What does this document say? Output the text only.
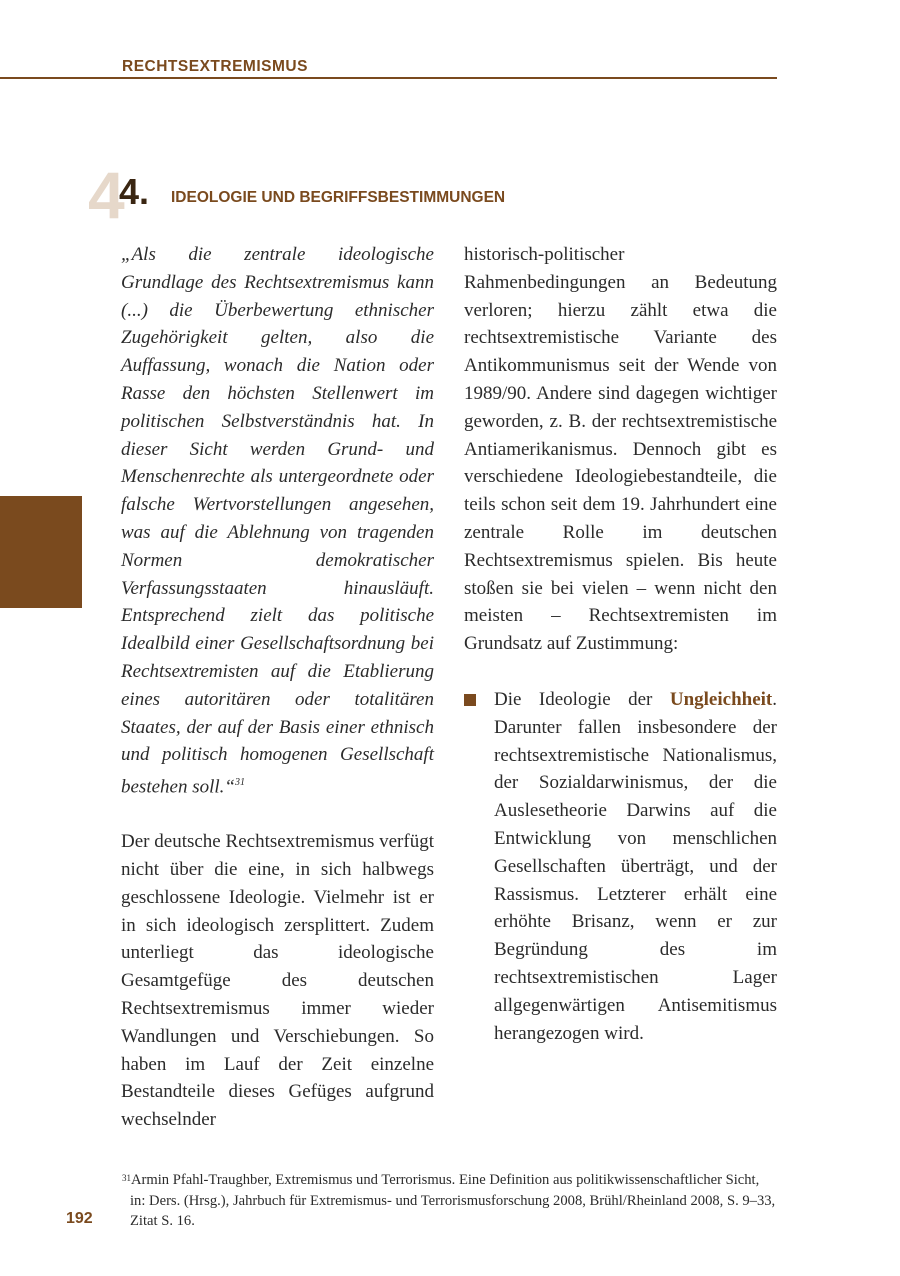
RECHTSEXTREMISMUS
4
4. IDEOLOGIE UND BEGRIFFSBESTIMMUNGEN

„Als die zentrale ideologische Grundlage des Rechtsextremismus kann (...) die Überbewertung ethnischer Zugehörigkeit gelten, also die Auffassung, wonach die Nation oder Rasse den höchsten Stellenwert im politischen Selbstverständnis hat. In dieser Sicht werden Grund- und Menschenrechte als untergeordnete oder falsche Wertvorstellungen angesehen, was auf die Ablehnung von tragenden Normen demokratischer Verfassungsstaaten hinausläuft. Entsprechend zielt das politische Idealbild einer Gesellschaftsordnung bei Rechtsextremisten auf die Etablierung eines autoritären oder totalitären Staates, der auf der Basis einer ethnisch und politisch homogenen Gesellschaft bestehen soll.“$^{31}$

Der deutsche Rechtsextremismus verfügt nicht über die eine, in sich halbwegs geschlossene Ideologie. Vielmehr ist er in sich ideologisch zersplittert. Zudem unterliegt das ideologische Gesamtgefüge des deutschen Rechtsextremismus immer wieder Wandlungen und Verschiebungen. So haben im Lauf der Zeit einzelne Bestandteile dieses Gefüges aufgrund wechselnder

historisch-politischer Rahmenbedingungen an Bedeutung verloren; hierzu zählt etwa die rechtsextremistische Variante des Antikommunismus seit der Wende von 1989/90. Andere sind dagegen wichtiger geworden, z. B. der rechtsextremistische Antiamerikanismus. Dennoch gibt es verschiedene Ideologiebestandteile, die teils schon seit dem 19. Jahrhundert eine zentrale Rolle im deutschen Rechtsextremismus spielen. Bis heute stoßen sie bei vielen – wenn nicht den meisten – Rechtsextremisten im Grundsatz auf Zustimmung:

Die Ideologie der Ungleichheit. Darunter fallen insbesondere der rechtsextremistische Nationalismus, der Sozialdarwinismus, der die Auslesetheorie Darwins auf die Entwicklung von menschlichen Gesellschaften überträgt, und der Rassismus. Letzterer erhält eine erhöhte Brisanz, wenn er zur Begründung des im rechtsextremistischen Lager allgegenwärtigen Antisemitismus herangezogen wird.
$^{31}$Armin Pfahl-Traughber, Extremismus und Terrorismus. Eine Definition aus politikwissenschaftlicher Sicht, in: Ders. (Hrsg.), Jahrbuch für Extremismus- und Terrorismusforschung 2008, Brühl/Rheinland 2008, S. 9–33, Zitat S. 16.
192
